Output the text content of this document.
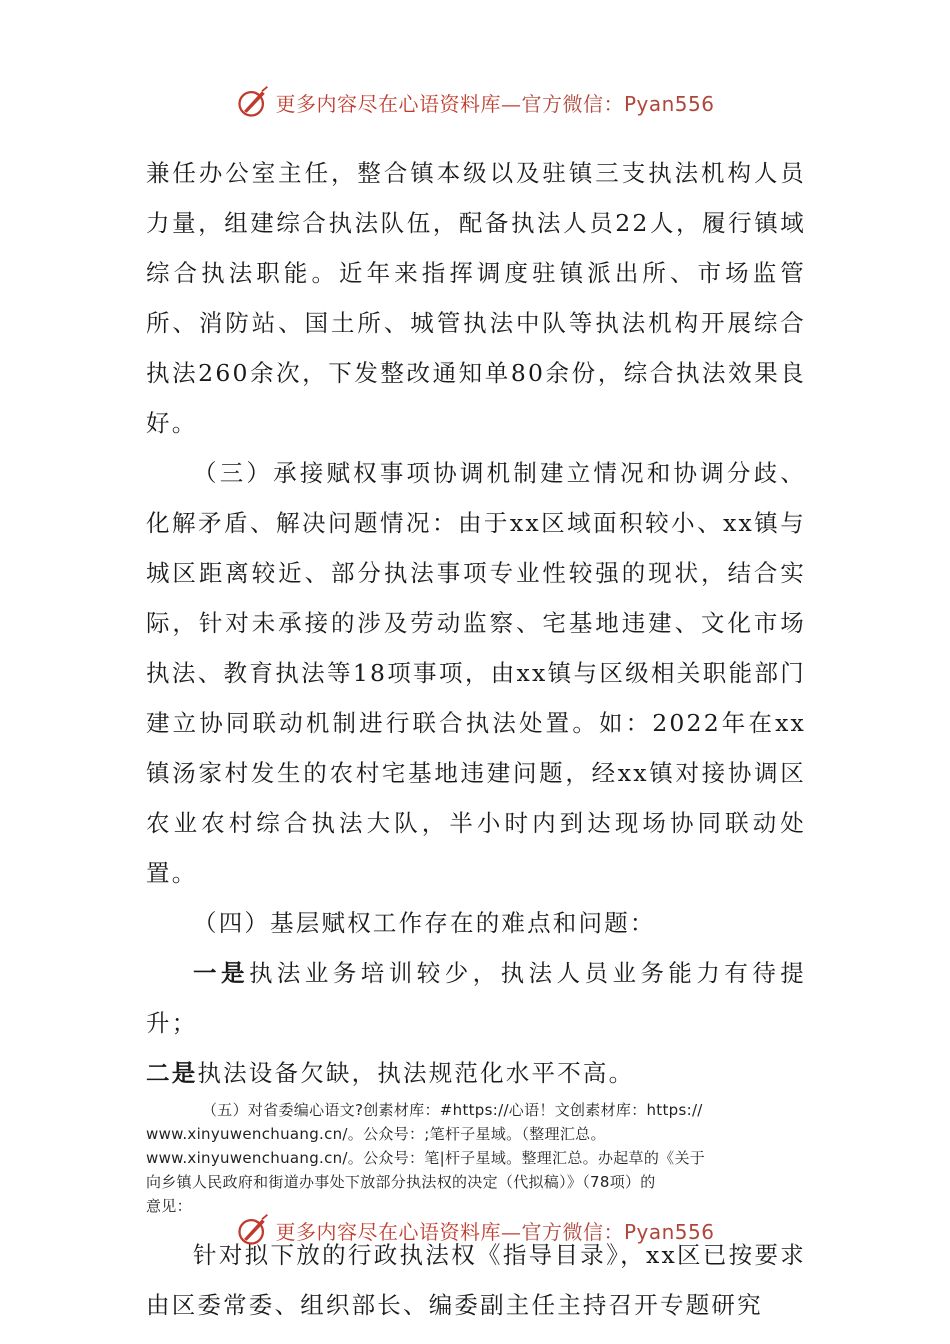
更多内容尽在心语资料库—官方微信：Pyan556

兼任办公室主任，整合镇本级以及驻镇三支执法机构人员力量，组建综合执法队伍，配备执法人员22人，履行镇域综合执法职能。近年来指挥调度驻镇派出所、市场监管所、消防站、国土所、城管执法中队等执法机构开展综合执法260余次，下发整改通知单80余份，综合执法效果良好。

（三）承接赋权事项协调机制建立情况和协调分歧、化解矛盾、解决问题情况：由于xx区域面积较小、xx镇与城区距离较近、部分执法事项专业性较强的现状，结合实际，针对未承接的涉及劳动监察、宅基地违建、文化市场执法、教育执法等18项事项，由xx镇与区级相关职能部门建立协同联动机制进行联合执法处置。如：2022年在xx镇汤家村发生的农村宅基地违建问题，经xx镇对接协调区农业农村综合执法大队，半小时内到达现场协同联动处置。

（四）基层赋权工作存在的难点和问题：

一是执法业务培训较少，执法人员业务能力有待提升；

二是执法设备欠缺，执法规范化水平不高。

（五）对省委编心语文?创素材库：#https://心语！文创素材库：https://
www.xinyuwenchuang.cn/。公众号：;笔杆子星域。（整理汇总。
www.xinyuwenchuang.cn/。公众号：笔|杆子星域。整理汇总。办起草的《关于
向乡镇人民政府和街道办事处下放部分执法权的决定（代拟稿）》（78项）的
意见：

针对拟下放的行政执法权《指导目录》，xx区已按要求由区委常委、组织部长、编委副主任主持召开专题研究

更多内容尽在心语资料库—官方微信：Pyan556
